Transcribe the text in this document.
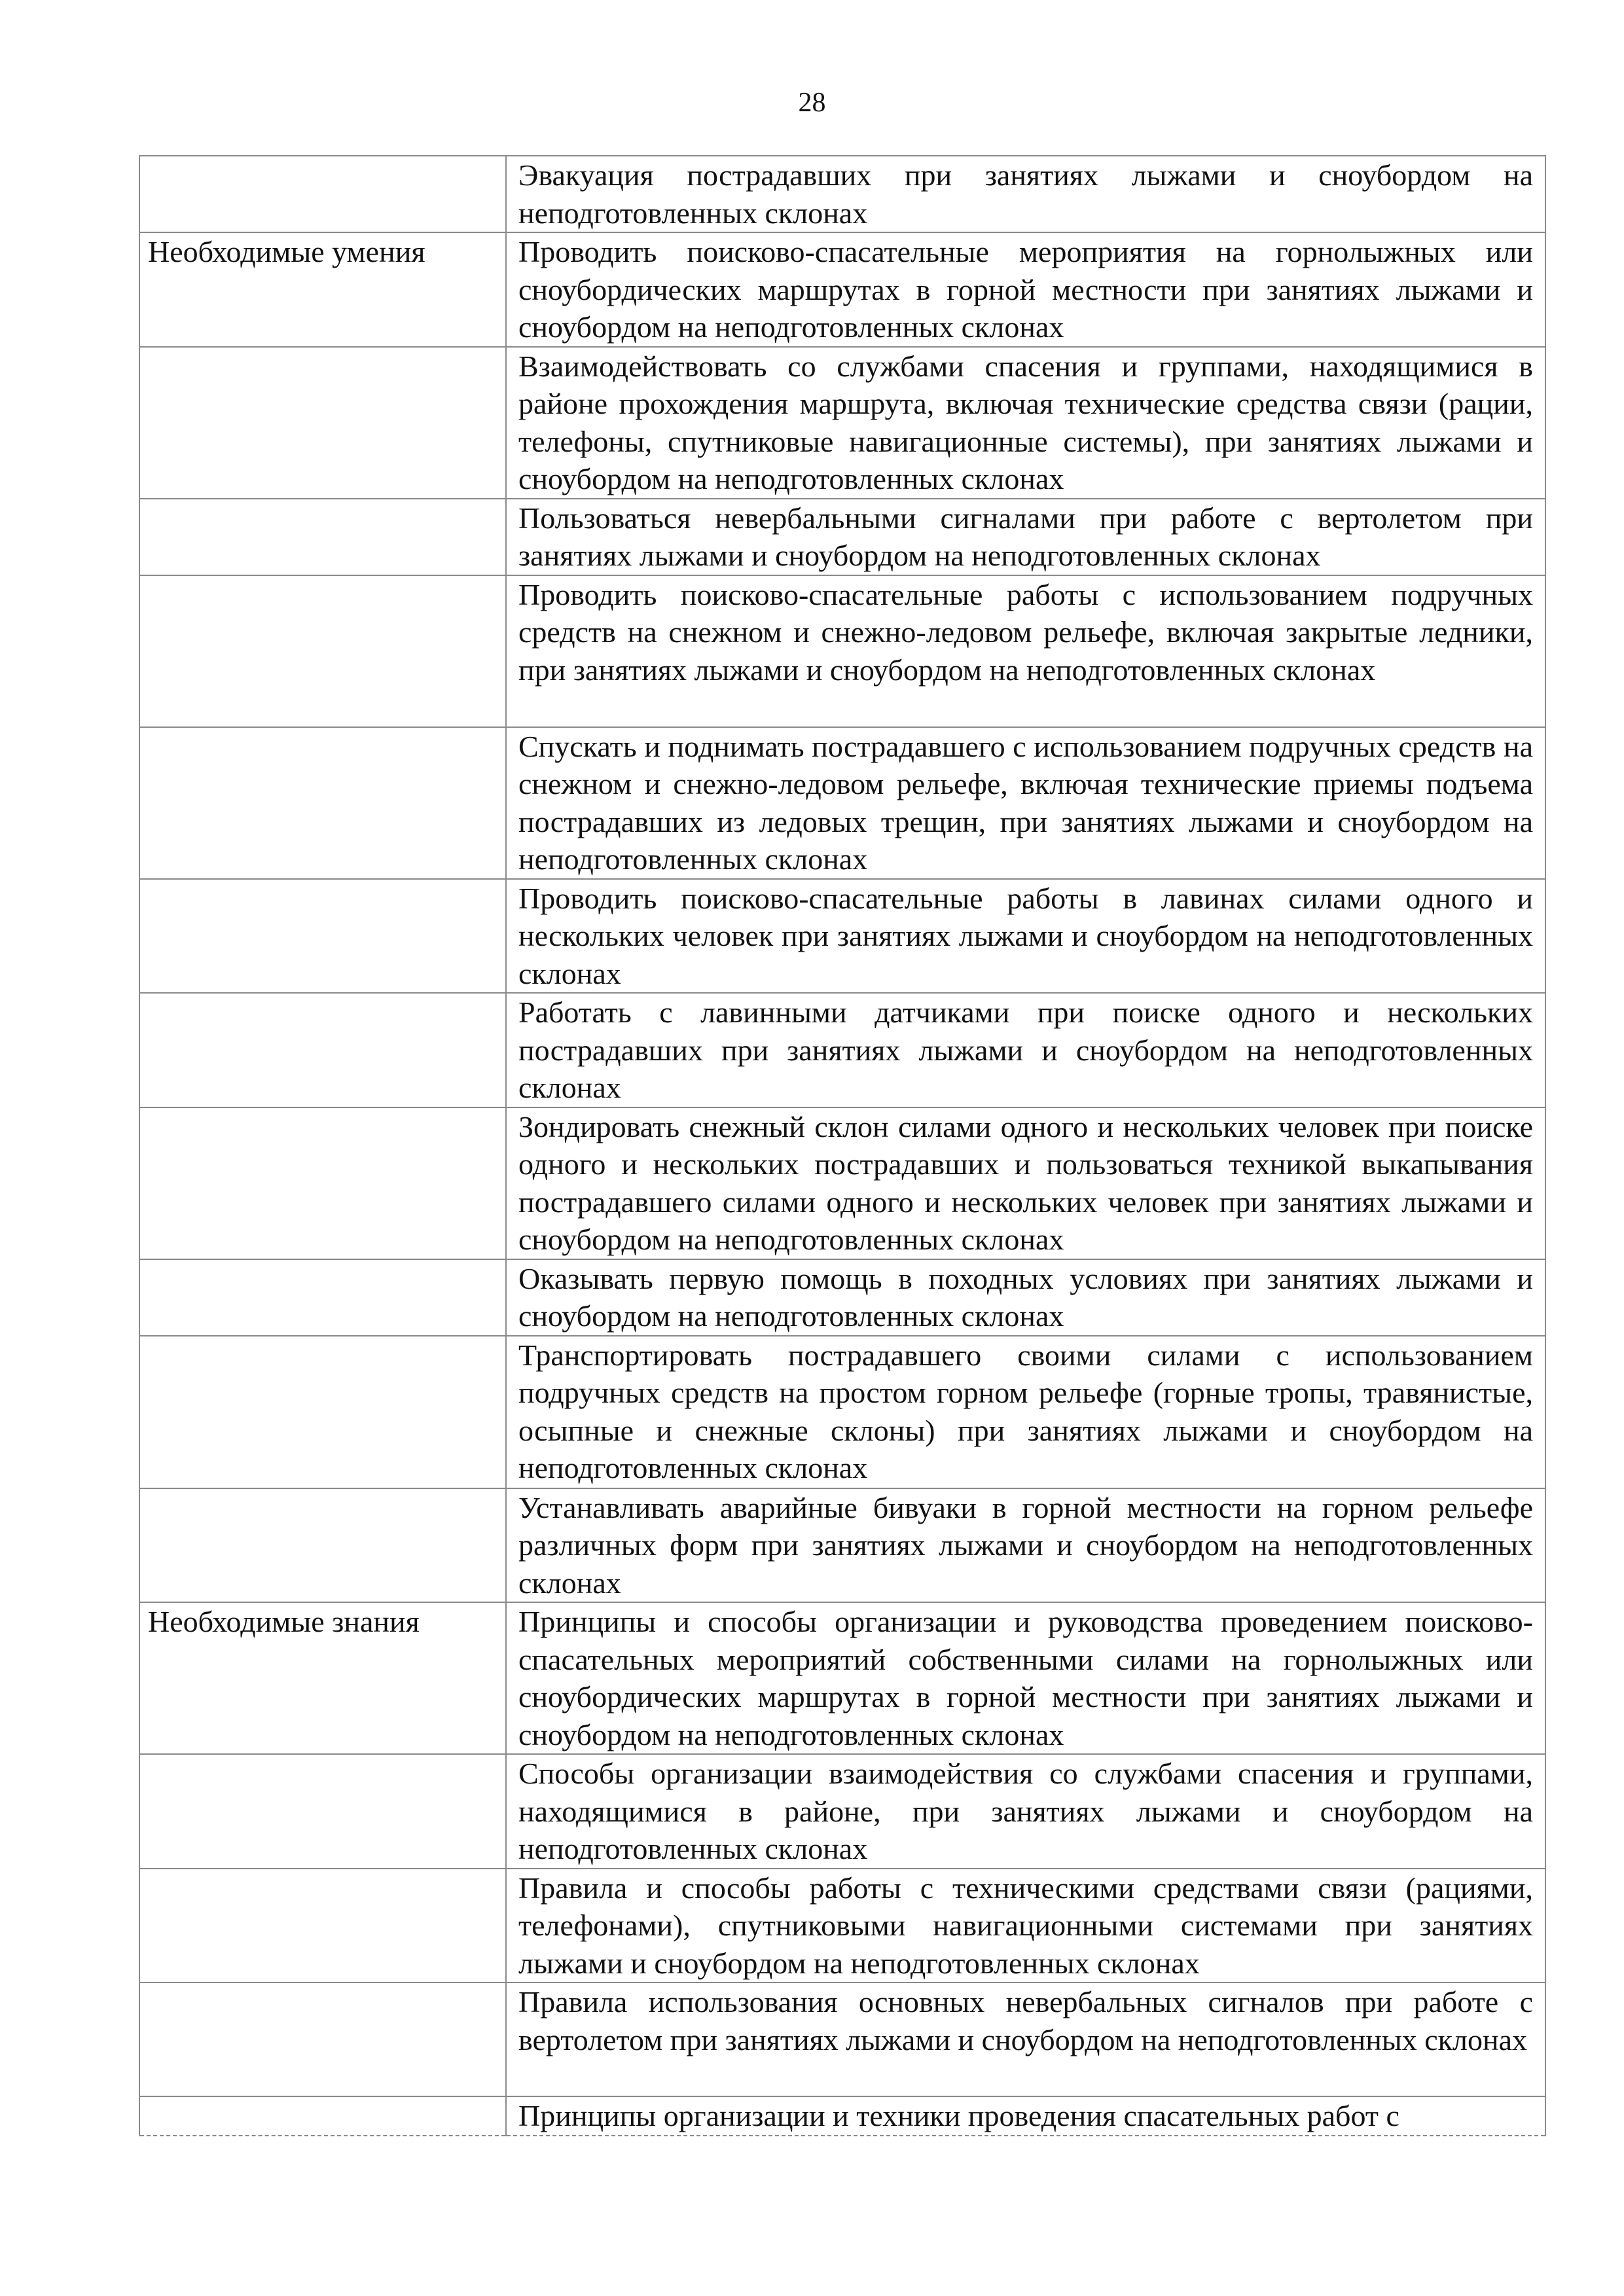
28

	Эвакуация пострадавших при занятиях лыжами и сноубордом на неподготовленных склонах

Необходимые умения	Проводить поисково-спасательные мероприятия на горнолыжных или сноубордических маршрутах в горной местности при занятиях лыжами и сноубордом на неподготовленных склонах

	Взаимодействовать со службами спасения и группами, находящимися в районе прохождения маршрута, включая технические средства связи (рации, телефоны, спутниковые навигационные системы), при занятиях лыжами и сноубордом на неподготовленных склонах

	Пользоваться невербальными сигналами при работе с вертолетом при занятиях лыжами и сноубордом на неподготовленных склонах

	Проводить поисково-спасательные работы с использованием подручных средств на снежном и снежно-ледовом рельефе, включая закрытые ледники, при занятиях лыжами и сноубордом на неподготовленных склонах

	Спускать и поднимать пострадавшего с использованием подручных средств на снежном и снежно-ледовом рельефе, включая технические приемы подъема пострадавших из ледовых трещин, при занятиях лыжами и сноубордом на неподготовленных склонах

	Проводить поисково-спасательные работы в лавинах силами одного и нескольких человек при занятиях лыжами и сноубордом на неподготовленных склонах

	Работать с лавинными датчиками при поиске одного и нескольких пострадавших при занятиях лыжами и сноубордом на неподготовленных склонах

	Зондировать снежный склон силами одного и нескольких человек при поиске одного и нескольких пострадавших и пользоваться техникой выкапывания пострадавшего силами одного и нескольких человек при занятиях лыжами и сноубордом на неподготовленных склонах

	Оказывать первую помощь в походных условиях при занятиях лыжами и сноубордом на неподготовленных склонах

	Транспортировать пострадавшего своими силами с использованием подручных средств на простом горном рельефе (горные тропы, травянистые, осыпные и снежные склоны) при занятиях лыжами и сноубордом на неподготовленных склонах

	Устанавливать аварийные бивуаки в горной местности на горном рельефе различных форм при занятиях лыжами и сноубордом на неподготовленных склонах

Необходимые знания	Принципы и способы организации и руководства проведением поисково-спасательных мероприятий собственными силами на горнолыжных или сноубордических маршрутах в горной местности при занятиях лыжами и сноубордом на неподготовленных склонах

	Способы организации взаимодействия со службами спасения и группами, находящимися в районе, при занятиях лыжами и сноубордом на неподготовленных склонах

	Правила и способы работы с техническими средствами связи (рациями, телефонами), спутниковыми навигационными системами при занятиях лыжами и сноубордом на неподготовленных склонах

	Правила использования основных невербальных сигналов при работе с вертолетом при занятиях лыжами и сноубордом на неподготовленных склонах

	Принципы организации и техники проведения спасательных работ с
